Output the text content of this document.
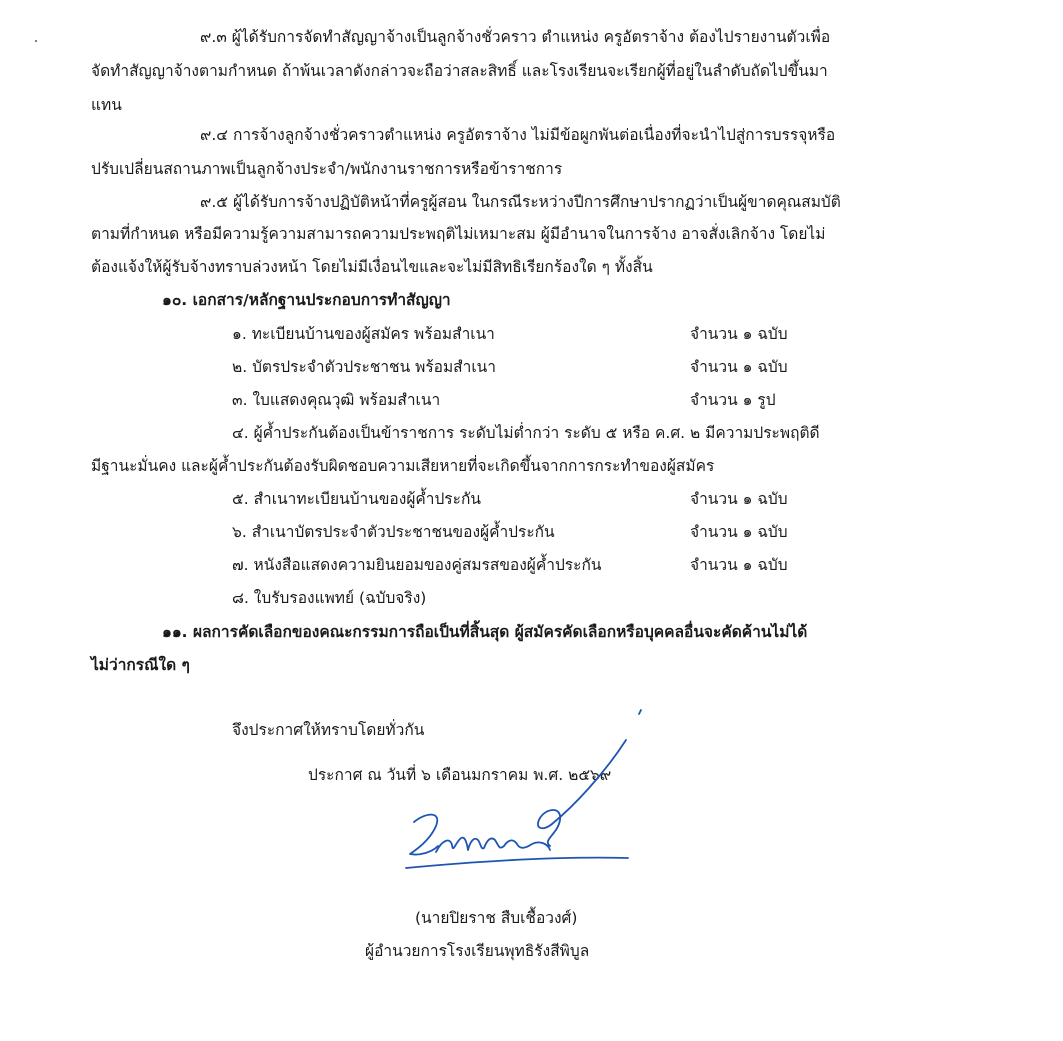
๙.๓ ผู้ได้รับการจัดทำสัญญาจ้างเป็นลูกจ้างชั่วคราว ตำแหน่ง ครูอัตราจ้าง ต้องไปรายงานตัวเพื่อ
จัดทำสัญญาจ้างตามกำหนด ถ้าพ้นเวลาดังกล่าวจะถือว่าสละสิทธิ์ และโรงเรียนจะเรียกผู้ที่อยู่ในลำดับถัดไปขึ้นมา
แทน
๙.๔ การจ้างลูกจ้างชั่วคราวตำแหน่ง ครูอัตราจ้าง ไม่มีข้อผูกพันต่อเนื่องที่จะนำไปสู่การบรรจุหรือ
ปรับเปลี่ยนสถานภาพเป็นลูกจ้างประจำ/พนักงานราชการหรือข้าราชการ
๙.๕ ผู้ได้รับการจ้างปฏิบัติหน้าที่ครูผู้สอน ในกรณีระหว่างปีการศึกษาปรากฏว่าเป็นผู้ขาดคุณสมบัติ
ตามที่กำหนด หรือมีความรู้ความสามารถความประพฤติไม่เหมาะสม ผู้มีอำนาจในการจ้าง อาจสั่งเลิกจ้าง โดยไม่
ต้องแจ้งให้ผู้รับจ้างทราบล่วงหน้า โดยไม่มีเงื่อนไขและจะไม่มีสิทธิเรียกร้องใด ๆ ทั้งสิ้น
๑๐. เอกสาร/หลักฐานประกอบการทำสัญญา
๑. ทะเบียนบ้านของผู้สมัคร พร้อมสำเนา	จำนวน ๑ ฉบับ
๒. บัตรประจำตัวประชาชน พร้อมสำเนา	จำนวน ๑ ฉบับ
๓. ใบแสดงคุณวุฒิ พร้อมสำเนา	จำนวน ๑ รูป
๔. ผู้ค้ำประกันต้องเป็นข้าราชการ ระดับไม่ต่ำกว่า ระดับ ๕ หรือ ค.ศ. ๒ มีความประพฤติดี
มีฐานะมั่นคง และผู้ค้ำประกันต้องรับผิดชอบความเสียหายที่จะเกิดขึ้นจากการกระทำของผู้สมัคร
๕. สำเนาทะเบียนบ้านของผู้ค้ำประกัน	จำนวน ๑ ฉบับ
๖. สำเนาบัตรประจำตัวประชาชนของผู้ค้ำประกัน	จำนวน ๑ ฉบับ
๗. หนังสือแสดงความยินยอมของคู่สมรสของผู้ค้ำประกัน	จำนวน ๑ ฉบับ
๘. ใบรับรองแพทย์ (ฉบับจริง)
๑๑. ผลการคัดเลือกของคณะกรรมการถือเป็นที่สิ้นสุด ผู้สมัครคัดเลือกหรือบุคคลอื่นจะคัดค้านไม่ได้
ไม่ว่ากรณีใด ๆ
จึงประกาศให้ทราบโดยทั่วกัน
ประกาศ ณ วันที่ ๖ เดือนมกราคม พ.ศ. ๒๕๖๙
(นายปิยราช สืบเชื้อวงศ์)
ผู้อำนวยการโรงเรียนพุทธิรังสีพิบูล
